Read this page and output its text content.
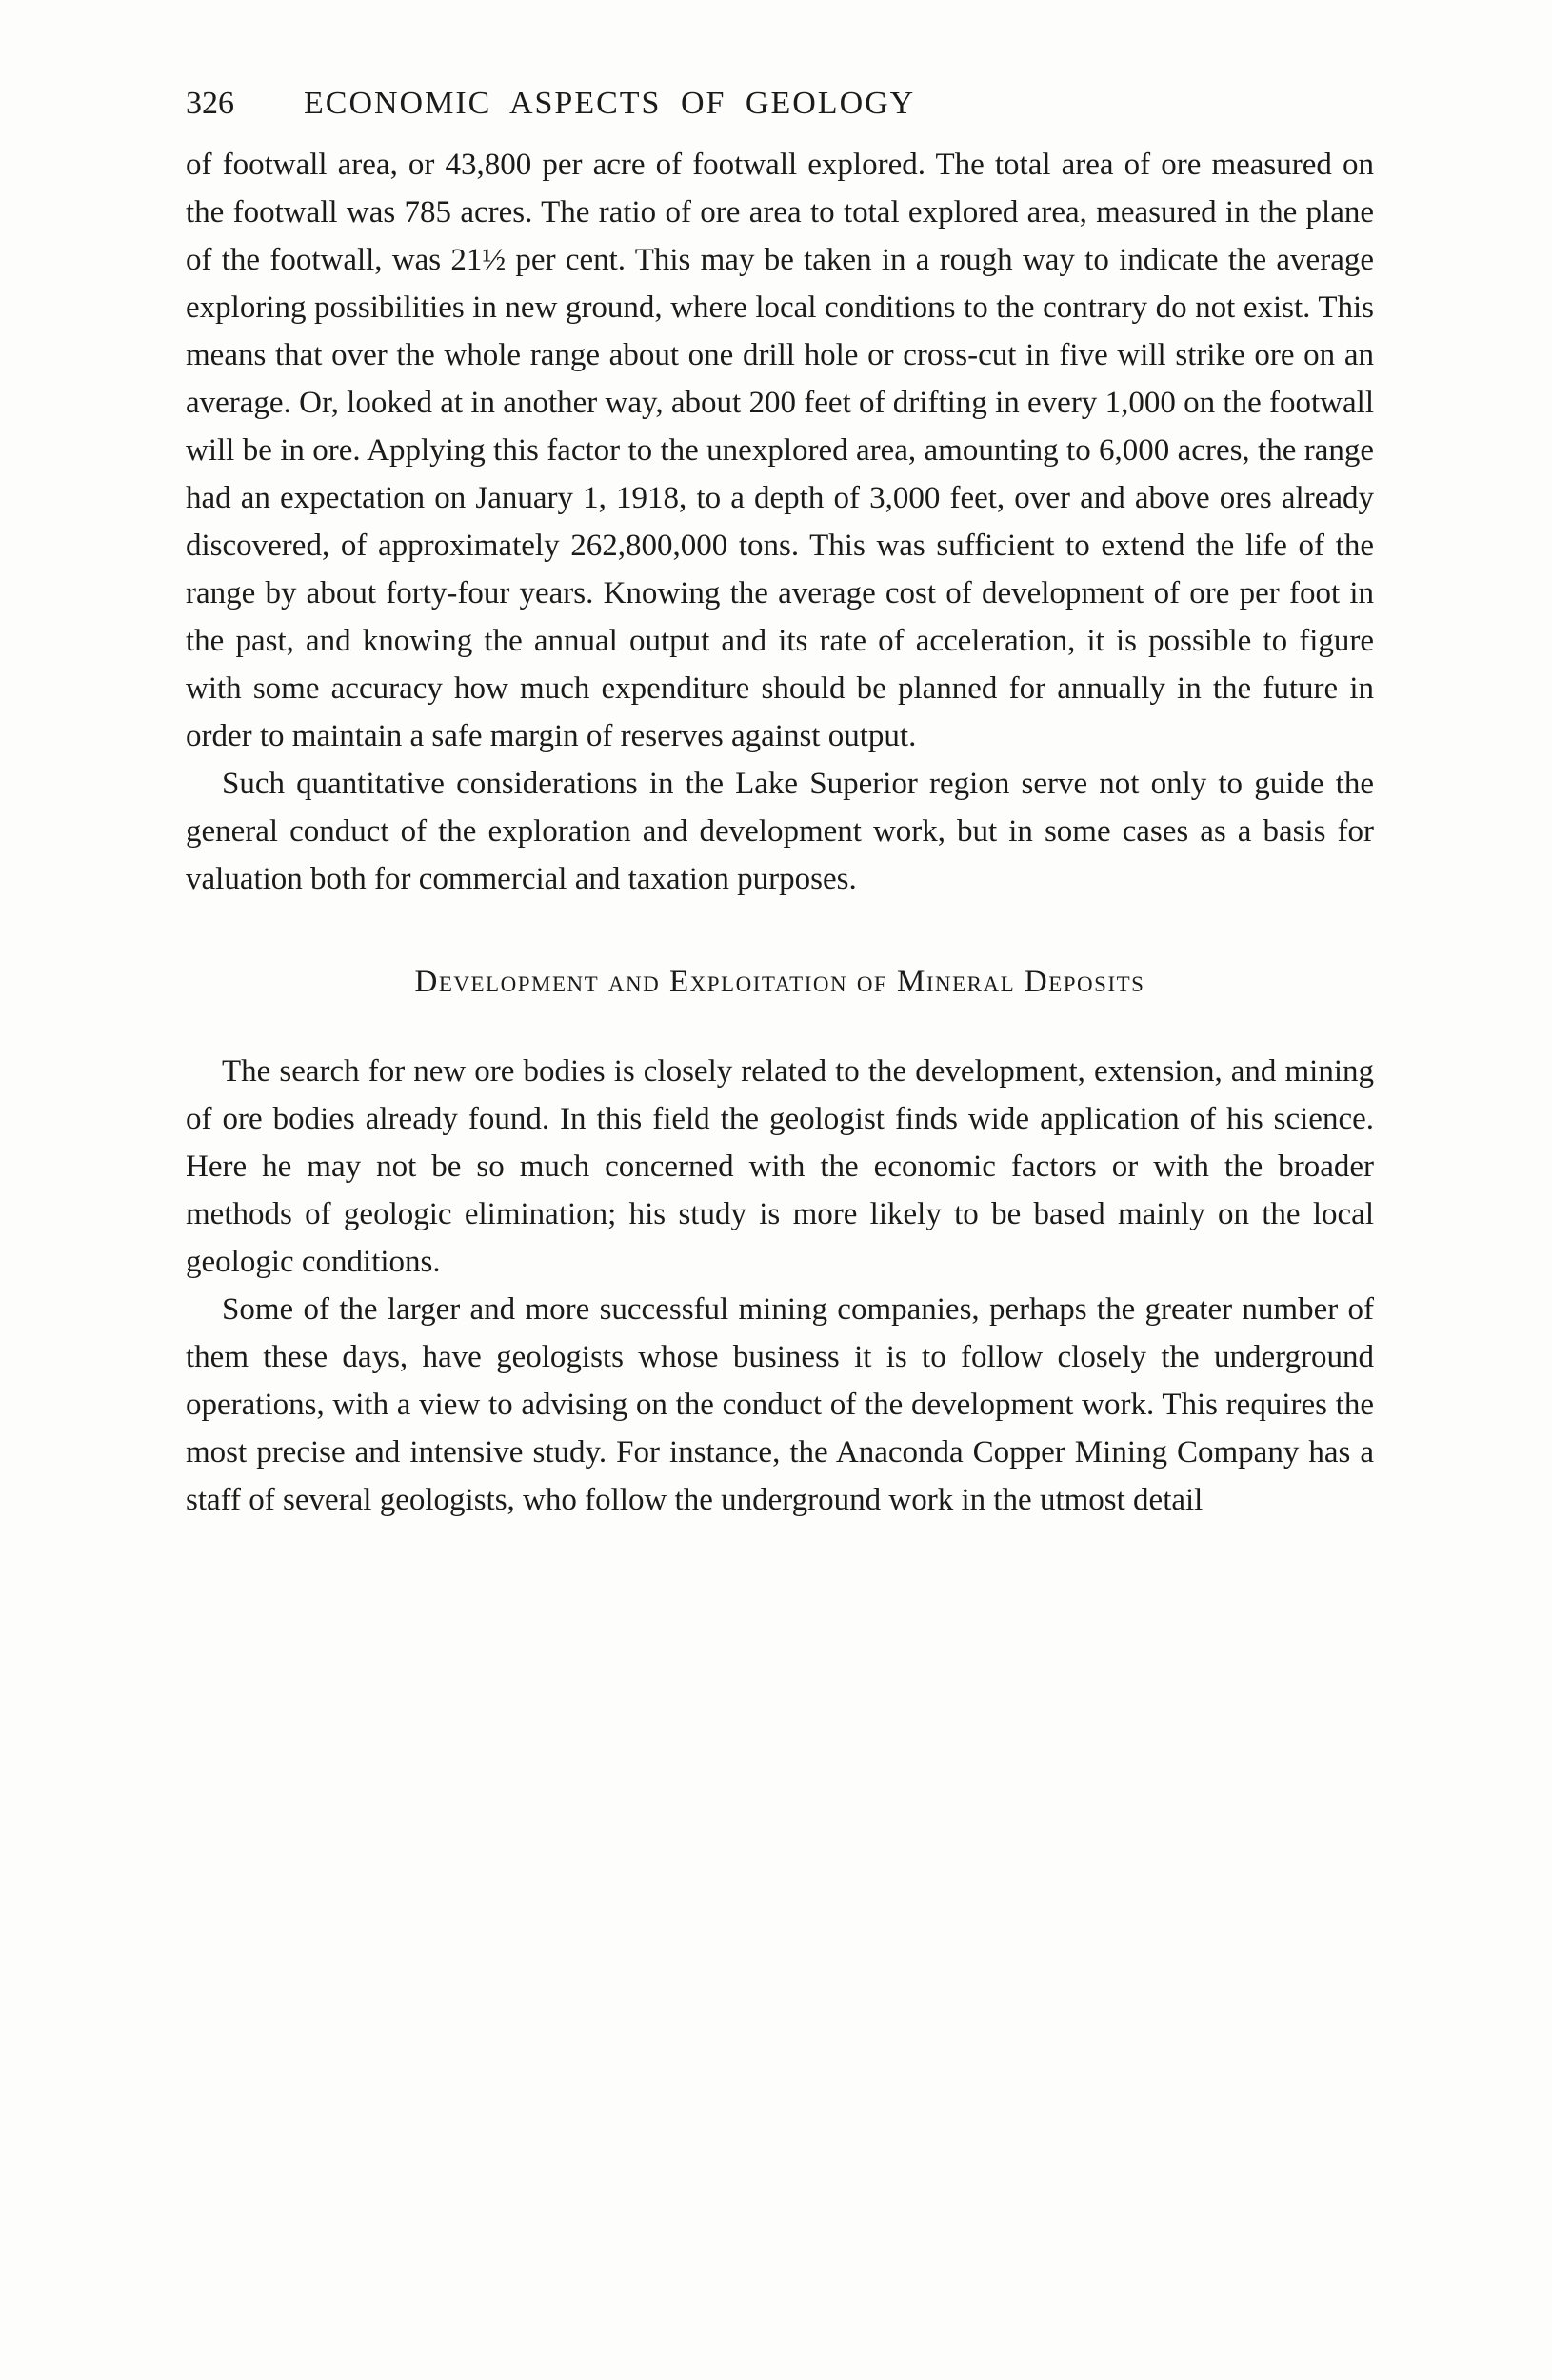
326 ECONOMIC ASPECTS OF GEOLOGY

of footwall area, or 43,800 per acre of footwall explored. The total area of ore measured on the footwall was 785 acres. The ratio of ore area to total explored area, measured in the plane of the footwall, was 21½ per cent. This may be taken in a rough way to indicate the average exploring possibilities in new ground, where local conditions to the contrary do not exist. This means that over the whole range about one drill hole or cross-cut in five will strike ore on an average. Or, looked at in another way, about 200 feet of drifting in every 1,000 on the footwall will be in ore. Applying this factor to the unexplored area, amounting to 6,000 acres, the range had an expectation on January 1, 1918, to a depth of 3,000 feet, over and above ores already discovered, of approximately 262,800,000 tons. This was sufficient to extend the life of the range by about forty-four years. Knowing the average cost of development of ore per foot in the past, and knowing the annual output and its rate of acceleration, it is possible to figure with some accuracy how much expenditure should be planned for annually in the future in order to maintain a safe margin of reserves against output.

Such quantitative considerations in the Lake Superior region serve not only to guide the general conduct of the exploration and development work, but in some cases as a basis for valuation both for commercial and taxation purposes.

Development and Exploitation of Mineral Deposits

The search for new ore bodies is closely related to the development, extension, and mining of ore bodies already found. In this field the geologist finds wide application of his science. Here he may not be so much concerned with the economic factors or with the broader methods of geologic elimination; his study is more likely to be based mainly on the local geologic conditions.

Some of the larger and more successful mining companies, perhaps the greater number of them these days, have geologists whose business it is to follow closely the underground operations, with a view to advising on the conduct of the development work. This requires the most precise and intensive study. For instance, the Anaconda Copper Mining Company has a staff of several geologists, who follow the underground work in the utmost detail
